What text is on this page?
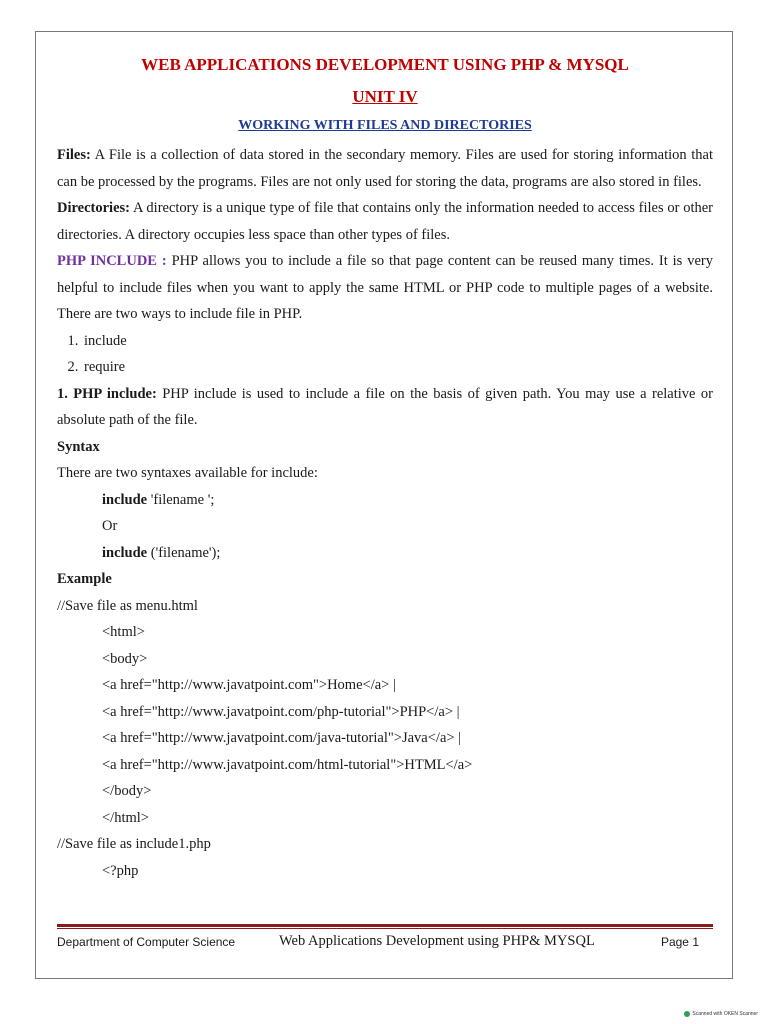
WEB APPLICATIONS DEVELOPMENT USING PHP & MYSQL
UNIT IV
WORKING WITH FILES AND DIRECTORIES

Files: A File is a collection of data stored in the secondary memory. Files are used for storing information that can be processed by the programs. Files are not only used for storing the data, programs are also stored in files.

Directories: A directory is a unique type of file that contains only the information needed to access files or other directories. A directory occupies less space than other types of files.

PHP INCLUDE : PHP allows you to include a file so that page content can be reused many times. It is very helpful to include files when you want to apply the same HTML or PHP code to multiple pages of a website. There are two ways to include file in PHP.

1. include
2. require

1. PHP include: PHP include is used to include a file on the basis of given path. You may use a relative or absolute path of the file.

Syntax

There are two syntaxes available for include:

include 'filename ';

Or

include ('filename');

Example

//Save file as menu.html

<html>

<body>

<a href="http://www.javatpoint.com">Home</a> |

<a href="http://www.javatpoint.com/php-tutorial">PHP</a> |

<a href="http://www.javatpoint.com/java-tutorial">Java</a> |

<a href="http://www.javatpoint.com/html-tutorial">HTML</a>

</body>

</html>

//Save file as include1.php

<?php

Department of Computer Science	Web Applications Development using PHP& MYSQL	Page 1
Scanned with OKEN Scanner
